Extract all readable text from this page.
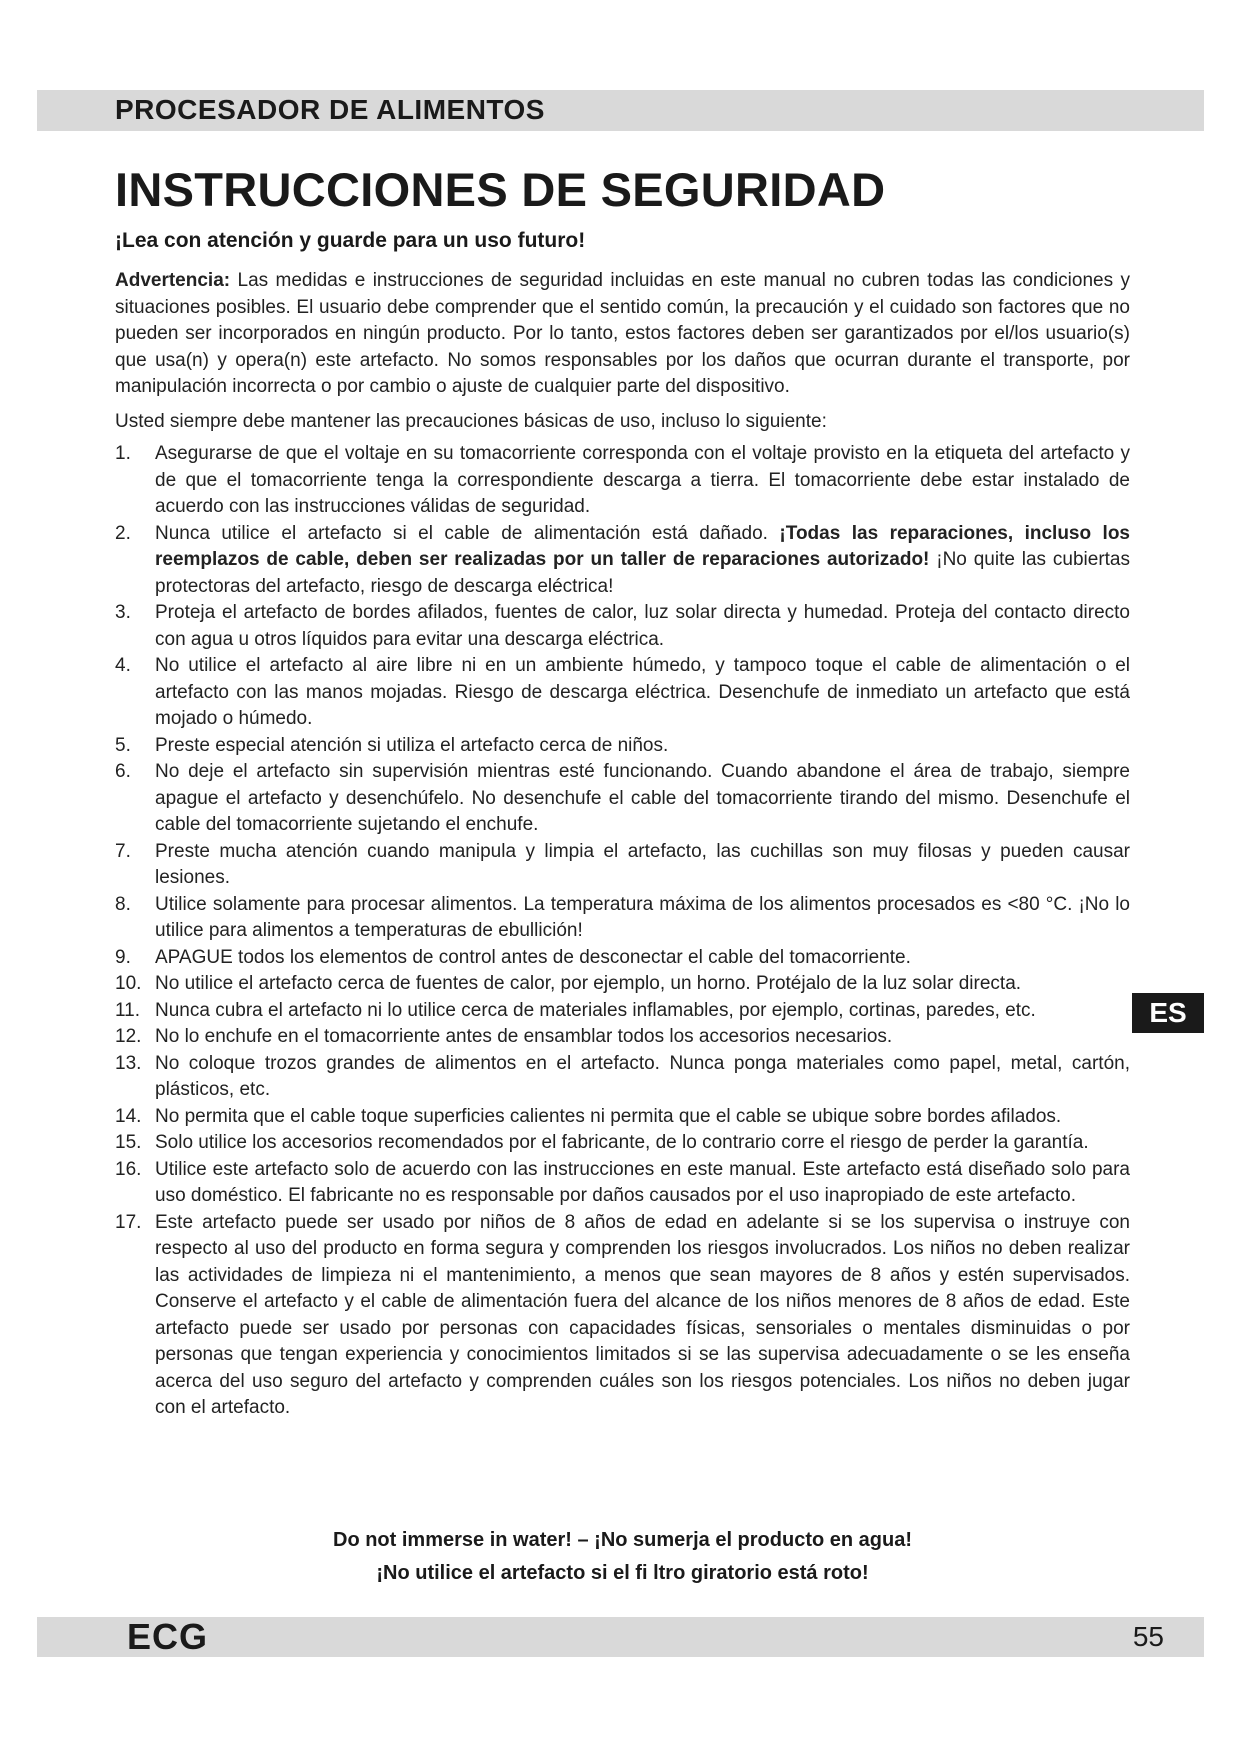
PROCESADOR DE ALIMENTOS
INSTRUCCIONES DE SEGURIDAD
¡Lea con atención y guarde para un uso futuro!

Advertencia: Las medidas e instrucciones de seguridad incluidas en este manual no cubren todas las condiciones y situaciones posibles. El usuario debe comprender que el sentido común, la precaución y el cuidado son factores que no pueden ser incorporados en ningún producto. Por lo tanto, estos factores deben ser garantizados por el/los usuario(s) que usa(n) y opera(n) este artefacto. No somos responsables por los daños que ocurran durante el transporte, por manipulación incorrecta o por cambio o ajuste de cualquier parte del dispositivo.

Usted siempre debe mantener las precauciones básicas de uso, incluso lo siguiente:

1. Asegurarse de que el voltaje en su tomacorriente corresponda con el voltaje provisto en la etiqueta del artefacto y de que el tomacorriente tenga la correspondiente descarga a tierra. El tomacorriente debe estar instalado de acuerdo con las instrucciones válidas de seguridad.
2. Nunca utilice el artefacto si el cable de alimentación está dañado. ¡Todas las reparaciones, incluso los reemplazos de cable, deben ser realizadas por un taller de reparaciones autorizado! ¡No quite las cubiertas protectoras del artefacto, riesgo de descarga eléctrica!
3. Proteja el artefacto de bordes afilados, fuentes de calor, luz solar directa y humedad. Proteja del contacto directo con agua u otros líquidos para evitar una descarga eléctrica.
4. No utilice el artefacto al aire libre ni en un ambiente húmedo, y tampoco toque el cable de alimentación o el artefacto con las manos mojadas. Riesgo de descarga eléctrica. Desenchufe de inmediato un artefacto que está mojado o húmedo.
5. Preste especial atención si utiliza el artefacto cerca de niños.
6. No deje el artefacto sin supervisión mientras esté funcionando. Cuando abandone el área de trabajo, siempre apague el artefacto y desenchúfelo. No desenchufe el cable del tomacorriente tirando del mismo. Desenchufe el cable del tomacorriente sujetando el enchufe.
7. Preste mucha atención cuando manipula y limpia el artefacto, las cuchillas son muy filosas y pueden causar lesiones.
8. Utilice solamente para procesar alimentos. La temperatura máxima de los alimentos procesados es <80 °C. ¡No lo utilice para alimentos a temperaturas de ebullición!
9. APAGUE todos los elementos de control antes de desconectar el cable del tomacorriente.
10. No utilice el artefacto cerca de fuentes de calor, por ejemplo, un horno. Protéjalo de la luz solar directa.
11. Nunca cubra el artefacto ni lo utilice cerca de materiales inflamables, por ejemplo, cortinas, paredes, etc.
12. No lo enchufe en el tomacorriente antes de ensamblar todos los accesorios necesarios.
13. No coloque trozos grandes de alimentos en el artefacto. Nunca ponga materiales como papel, metal, cartón, plásticos, etc.
14. No permita que el cable toque superficies calientes ni permita que el cable se ubique sobre bordes afilados.
15. Solo utilice los accesorios recomendados por el fabricante, de lo contrario corre el riesgo de perder la garantía.
16. Utilice este artefacto solo de acuerdo con las instrucciones en este manual. Este artefacto está diseñado solo para uso doméstico. El fabricante no es responsable por daños causados por el uso inapropiado de este artefacto.
17. Este artefacto puede ser usado por niños de 8 años de edad en adelante si se los supervisa o instruye con respecto al uso del producto en forma segura y comprenden los riesgos involucrados. Los niños no deben realizar las actividades de limpieza ni el mantenimiento, a menos que sean mayores de 8 años y estén supervisados. Conserve el artefacto y el cable de alimentación fuera del alcance de los niños menores de 8 años de edad. Este artefacto puede ser usado por personas con capacidades físicas, sensoriales o mentales disminuidas o por personas que tengan experiencia y conocimientos limitados si se las supervisa adecuadamente o se les enseña acerca del uso seguro del artefacto y comprenden cuáles son los riesgos potenciales. Los niños no deben jugar con el artefacto.
Do not immerse in water! – ¡No sumerja el producto en agua!
¡No utilice el artefacto si el fi ltro giratorio está roto!
ES
ECG	55
